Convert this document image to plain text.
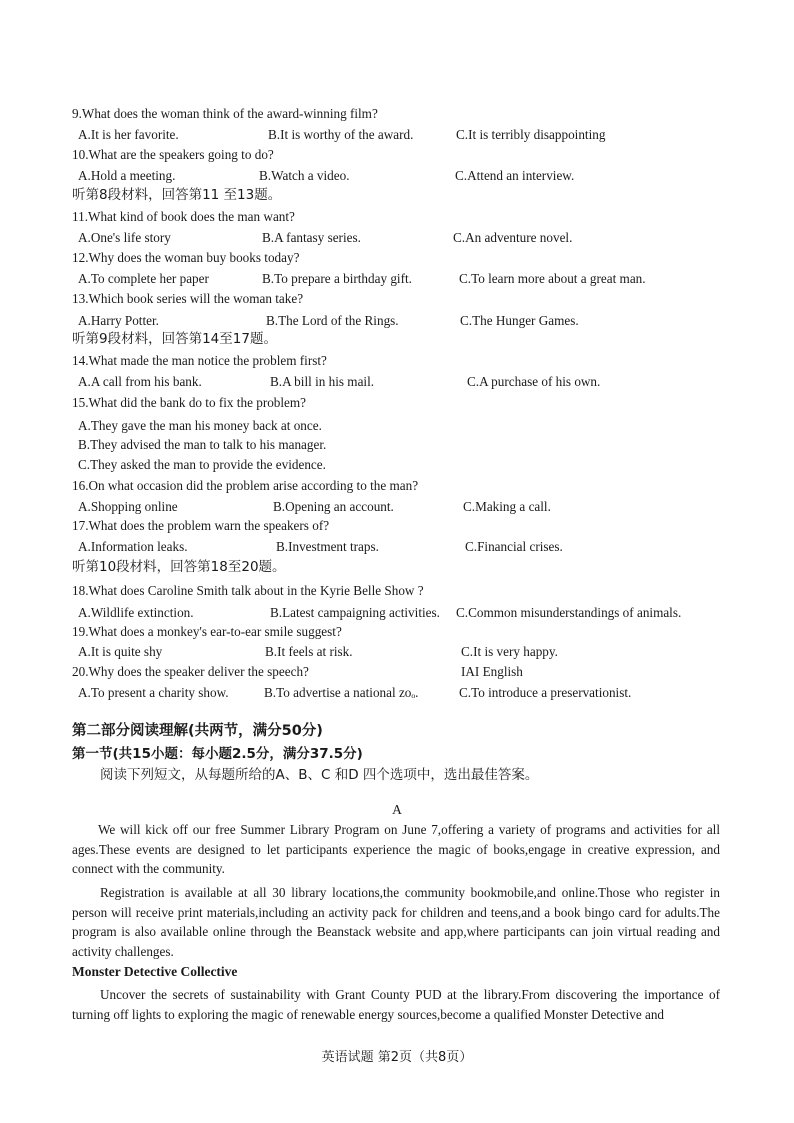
9.What does the woman think of the award-winning film?
A.It is her favorite.	B.It is worthy of the award.	C.It is terribly disappointing
10.What are the speakers going to do?
A.Hold a meeting.	B.Watch a video.	C.Attend an interview.
听第8段材料，回答第11 至13题。
11.What kind of book does the man want?
A.One's life story	B.A fantasy series.	C.An adventure novel.
12.Why does the woman buy books today?
A.To complete her paper	B.To prepare a birthday gift.	C.To learn more about a great man.
13.Which book series will the woman take?
A.Harry Potter.	B.The Lord of the Rings.	C.The Hunger Games.
听第9段材料，回答第14至17题。
14.What made the man notice the problem first?
A.A call from his bank.	B.A bill in his mail.	C.A purchase of his own.
15.What did the bank do to fix the problem?
A.They gave the man his money back at once.
B.They advised the man to talk to his manager.
C.They asked the man to provide the evidence.
16.On what occasion did the problem arise according to the man?
A.Shopping online	B.Opening an account.	C.Making a call.
17.What does the problem warn the speakers of?
A.Information leaks.	B.Investment traps.	C.Financial crises.
听第10段材料，回答第18至20题。
18.What does Caroline Smith talk about in the Kyrie Belle Show ?
A.Wildlife extinction.	B.Latest campaigning activities. C.Common misunderstandings of animals.
19.What does a monkey's ear-to-ear smile suggest?
A.It is quite shy	B.It feels at risk.	C.It is very happy.
20.Why does the speaker deliver the speech?	IAI English
A.To present a charity show.	B.To advertise a national zoₒ.	C.To introduce a preservationist.
第二部分阅读理解(共两节，满分50分)
第一节(共15小题：每小题2.5分，满分37.5分)
阅读下列短文，从每题所给的A、B、C 和D 四个选项中，选出最佳答案。
A
We will kick off our free Summer Library Program on June 7,offering a variety of programs and activities for all ages.These events are designed to let participants experience the magic of books,engage in creative expression, and connect with the community.
Registration is available at all 30 library locations,the community bookmobile,and online.Those who register in person will receive print materials,including an activity pack for children and teens,and a book bingo card for adults.The program is also available online through the Beanstack website and app,where participants can join virtual reading and activity challenges.
Monster Detective Collective
Uncover the secrets of sustainability with Grant County PUD at the library.From discovering the importance of turning off lights to exploring the magic of renewable energy sources,become a qualified Monster Detective and
英语试题 第2页（共8页）
